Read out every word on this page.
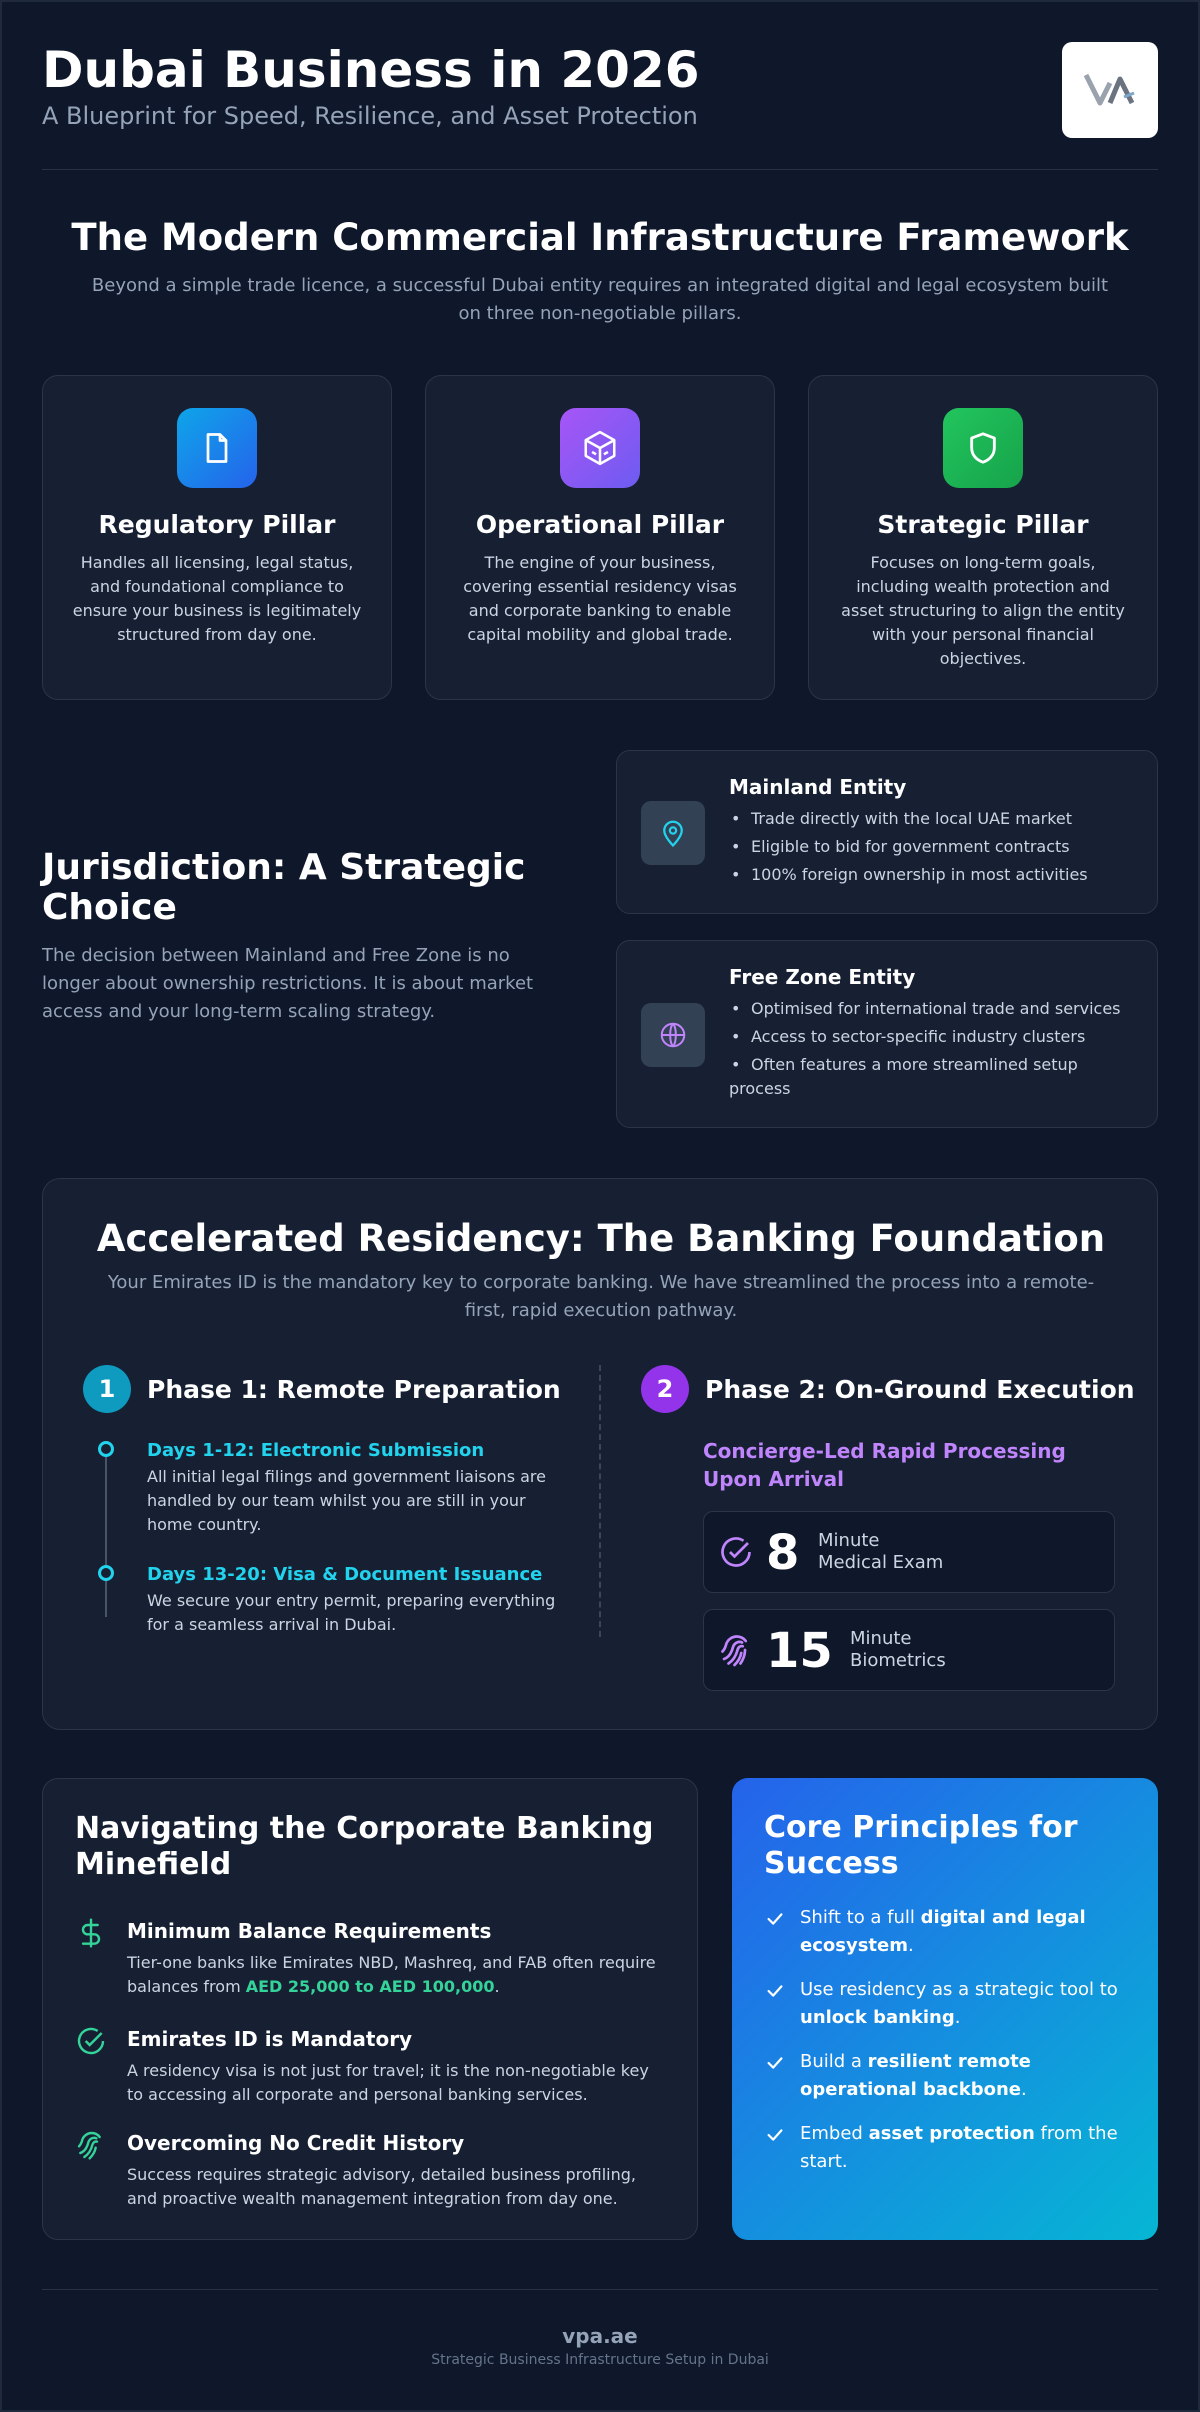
Dubai Business in 2026
A Blueprint for Speed, Resilience, and Asset Protection
The Modern Commercial Infrastructure Framework
Beyond a simple trade licence, a successful Dubai entity requires an integrated digital and legal ecosystem built on three non-negotiable pillars.
Regulatory Pillar
Handles all licensing, legal status, and foundational compliance to ensure your business is legitimately structured from day one.
Operational Pillar
The engine of your business, covering essential residency visas and corporate banking to enable capital mobility and global trade.
Strategic Pillar
Focuses on long-term goals, including wealth protection and asset structuring to align the entity with your personal financial objectives.
Jurisdiction: A Strategic Choice
The decision between Mainland and Free Zone is no longer about ownership restrictions. It is about market access and your long-term scaling strategy.
Mainland Entity
• Trade directly with the local UAE market
• Eligible to bid for government contracts
• 100% foreign ownership in most activities
Free Zone Entity
• Optimised for international trade and services
• Access to sector-specific industry clusters
• Often features a more streamlined setup process
Accelerated Residency: The Banking Foundation
Your Emirates ID is the mandatory key to corporate banking. We have streamlined the process into a remote-first, rapid execution pathway.
1	Phase 1: Remote Preparation
Days 1-12: Electronic Submission
All initial legal filings and government liaisons are handled by our team whilst you are still in your home country.
Days 13-20: Visa & Document Issuance
We secure your entry permit, preparing everything for a seamless arrival in Dubai.
2	Phase 2: On-Ground Execution
Concierge-Led Rapid Processing Upon Arrival
8 Minute
Medical Exam
15 Minute
Biometrics
Navigating the Corporate Banking Minefield
Minimum Balance Requirements
Tier-one banks like Emirates NBD, Mashreq, and FAB often require balances from AED 25,000 to AED 100,000.
Emirates ID is Mandatory
A residency visa is not just for travel; it is the non-negotiable key to accessing all corporate and personal banking services.
Overcoming No Credit History
Success requires strategic advisory, detailed business profiling, and proactive wealth management integration from day one.
Core Principles for Success
Shift to a full digital and legal ecosystem.
Use residency as a strategic tool to unlock banking.
Build a resilient remote operational backbone.
Embed asset protection from the start.
vpa.ae
Strategic Business Infrastructure Setup in Dubai
